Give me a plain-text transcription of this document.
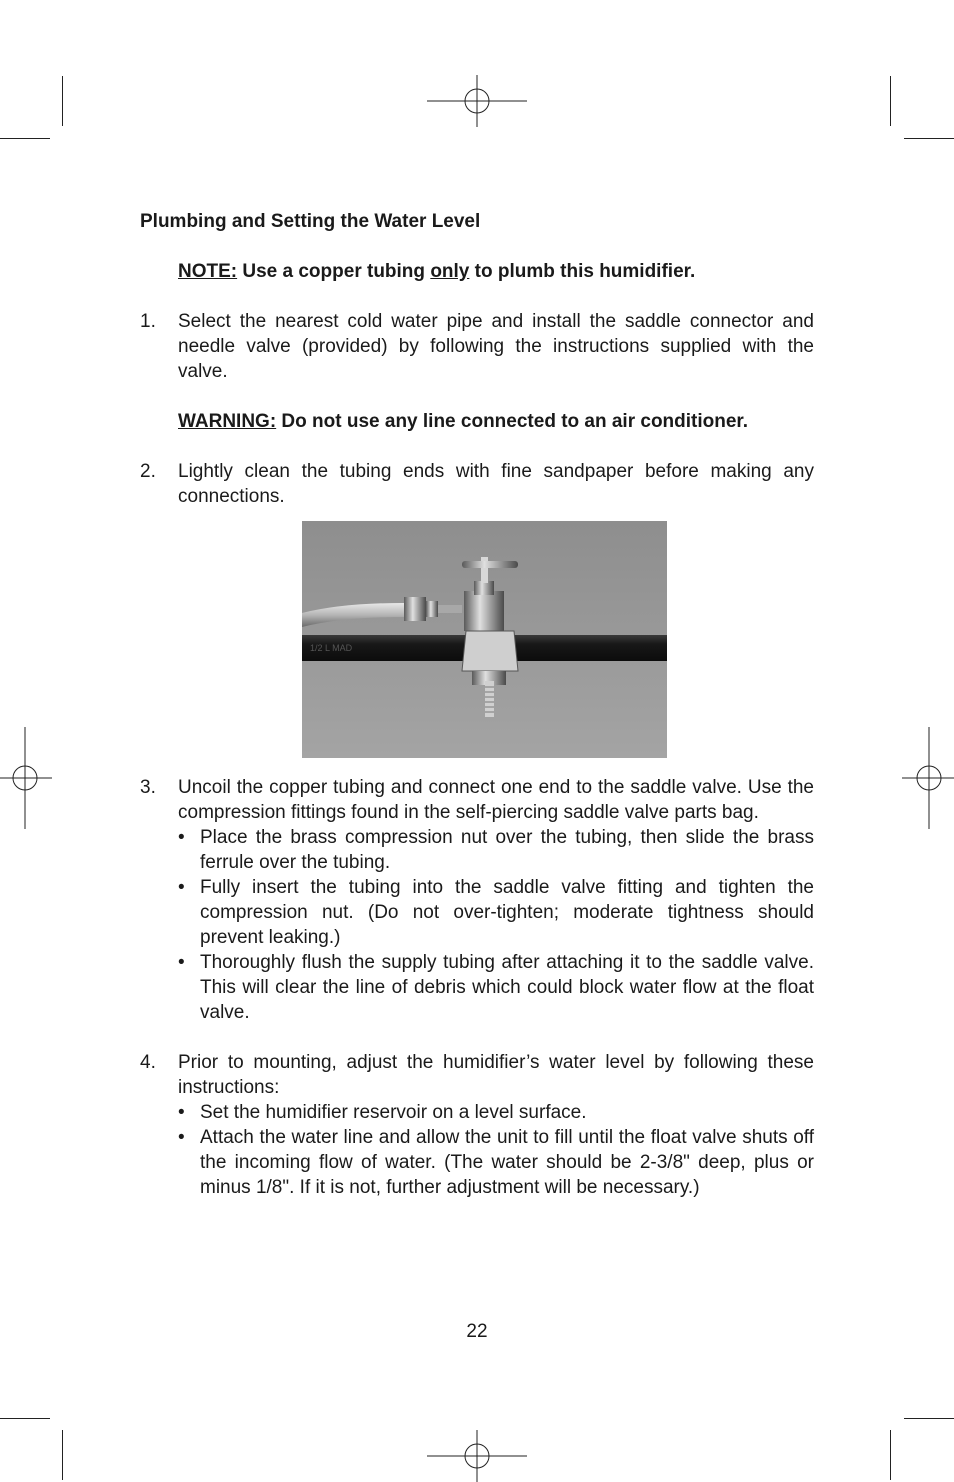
Plumbing and Setting the Water Level

NOTE: Use a copper tubing only to plumb this humidifier.

1. Select the nearest cold water pipe and install the saddle connector and needle valve (provided) by following the instructions supplied with the valve.

WARNING: Do not use any line connected to an air conditioner.

2. Lightly clean the tubing ends with fine sandpaper before making any connections.
1/2 L MAD
3. Uncoil the copper tubing and connect one end to the saddle valve. Use the compression fittings found in the self-piercing saddle valve parts bag.
• Place the brass compression nut over the tubing, then slide the brass ferrule over the tubing.
• Fully insert the tubing into the saddle valve fitting and tighten the compression nut. (Do not over-tighten; moderate tightness should prevent leaking.)
• Thoroughly flush the supply tubing after attaching it to the saddle valve. This will clear the line of debris which could block water flow at the float valve.
4. Prior to mounting, adjust the humidifier’s water level by following these instructions:
• Set the humidifier reservoir on a level surface.
• Attach the water line and allow the unit to fill until the float valve shuts off the incoming flow of water. (The water should be 2-3/8" deep, plus or minus 1/8". If it is not, further adjustment will be necessary.)
22
